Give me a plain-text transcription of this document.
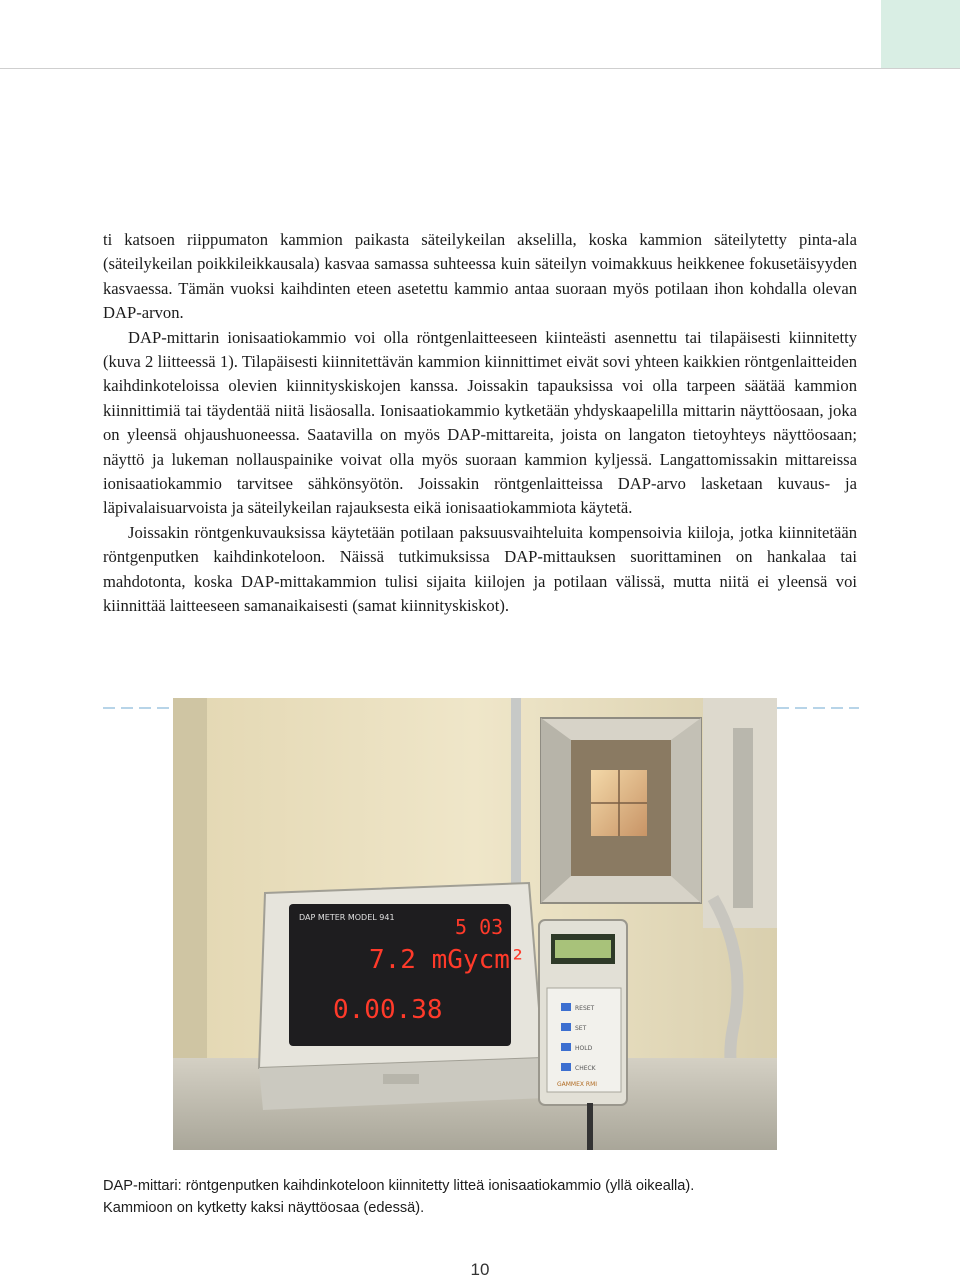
ti katsoen riippumaton kammion paikasta säteilykeilan akselilla, koska kammion säteilytetty pinta-ala (säteilykeilan poikkileikkausala) kasvaa samassa suhteessa kuin säteilyn voimakkuus heikkenee fokusetäisyyden kasvaessa. Tämän vuoksi kaihdinten eteen asetettu kammio antaa suoraan myös potilaan ihon kohdalla olevan DAP-arvon.

DAP-mittarin ionisaatiokammio voi olla röntgenlaitteeseen kiinteästi asennettu tai tilapäisesti kiinnitetty (kuva 2 liitteessä 1). Tilapäisesti kiinnitettävän kammion kiinnittimet eivät sovi yhteen kaikkien röntgenlaitteiden kaihdinkoteloissa olevien kiinnityskiskojen kanssa. Joissakin tapauksissa voi olla tarpeen säätää kammion kiinnittimiä tai täydentää niitä lisäosalla. Ionisaatiokammio kytketään yhdyskaapelilla mittarin näyttöosaan, joka on yleensä ohjaushuoneessa. Saatavilla on myös DAP-mittareita, joista on langaton tietoyhteys näyttöosaan; näyttö ja lukeman nollauspainike voivat olla myös suoraan kammion kyljessä. Langattomissakin mittareissa ionisaatiokammio tarvitsee sähkönsyötön. Joissakin röntgenlaitteissa DAP-arvo lasketaan kuvaus- ja läpivalaisuarvoista ja säteilykeilan rajauksesta eikä ionisaatiokammiota käytetä.

Joissakin röntgenkuvauksissa käytetään potilaan paksuusvaihteluita kompensoivia kiiloja, jotka kiinnitetään röntgenputken kaihdinkoteloon. Näissä tutkimuksissa DAP-mittauksen suorittaminen on hankalaa tai mahdotonta, koska DAP-mittakammion tulisi sijaita kiilojen ja potilaan välissä, mutta niitä ei yleensä voi kiinnittää laitteeseen samanaikaisesti (samat kiinnityskiskot).

DAP METER MODEL 941	5 03
7.2 mGycm²
0.00.38	RESET
SET
HOLD
CHECK
GAMMEX RMI

DAP-mittari: röntgenputken kaihdinkoteloon kiinnitetty litteä ionisaatiokammio (yllä oikealla).

Kammioon on kytketty kaksi näyttöosaa (edessä).

10
